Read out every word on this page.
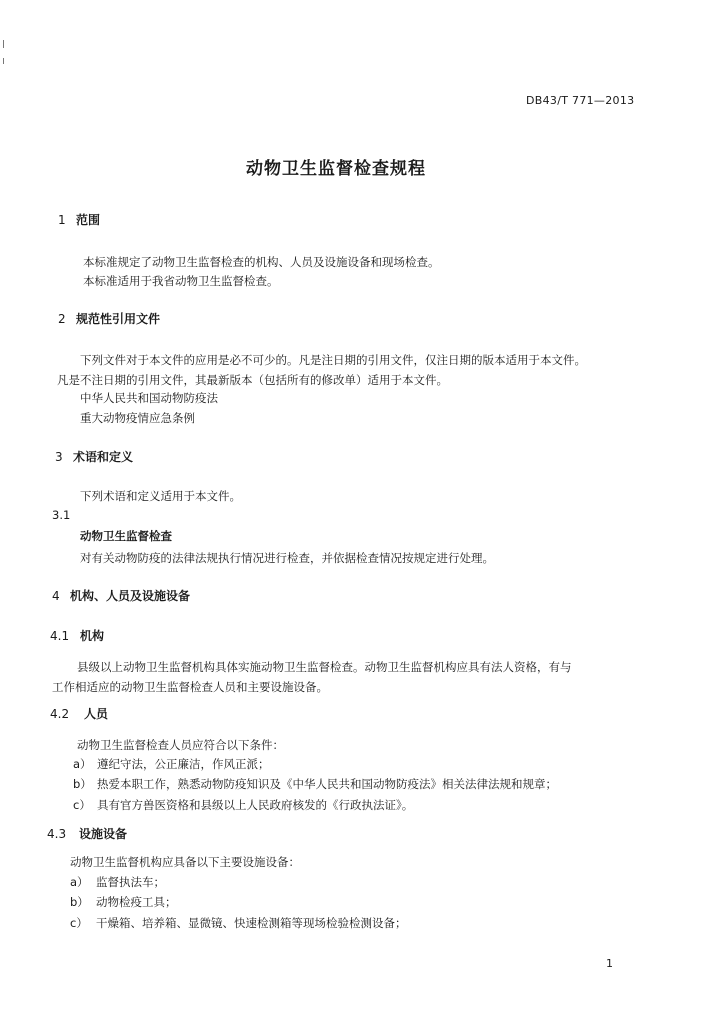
DB43/T 771—2013
动物卫生监督检查规程
1 范围
本标准规定了动物卫生监督检查的机构、人员及设施设备和现场检查。
本标准适用于我省动物卫生监督检查。
2 规范性引用文件
下列文件对于本文件的应用是必不可少的。凡是注日期的引用文件，仅注日期的版本适用于本文件。
凡是不注日期的引用文件，其最新版本（包括所有的修改单）适用于本文件。
中华人民共和国动物防疫法
重大动物疫情应急条例
3 术语和定义
下列术语和定义适用于本文件。
3.1
动物卫生监督检查
对有关动物防疫的法律法规执行情况进行检查，并依据检查情况按规定进行处理。
4 机构、人员及设施设备
4.1 机构
县级以上动物卫生监督机构具体实施动物卫生监督检查。动物卫生监督机构应具有法人资格，有与
工作相适应的动物卫生监督检查人员和主要设施设备。
4.2 人员
动物卫生监督检查人员应符合以下条件：
a） 遵纪守法，公正廉洁，作风正派；
b） 热爱本职工作，熟悉动物防疫知识及《中华人民共和国动物防疫法》相关法律法规和规章；
c） 具有官方兽医资格和县级以上人民政府核发的《行政执法证》。
4.3 设施设备
动物卫生监督机构应具备以下主要设施设备：
a） 监督执法车；
b） 动物检疫工具；
c） 干燥箱、培养箱、显微镜、快速检测箱等现场检验检测设备；
1
